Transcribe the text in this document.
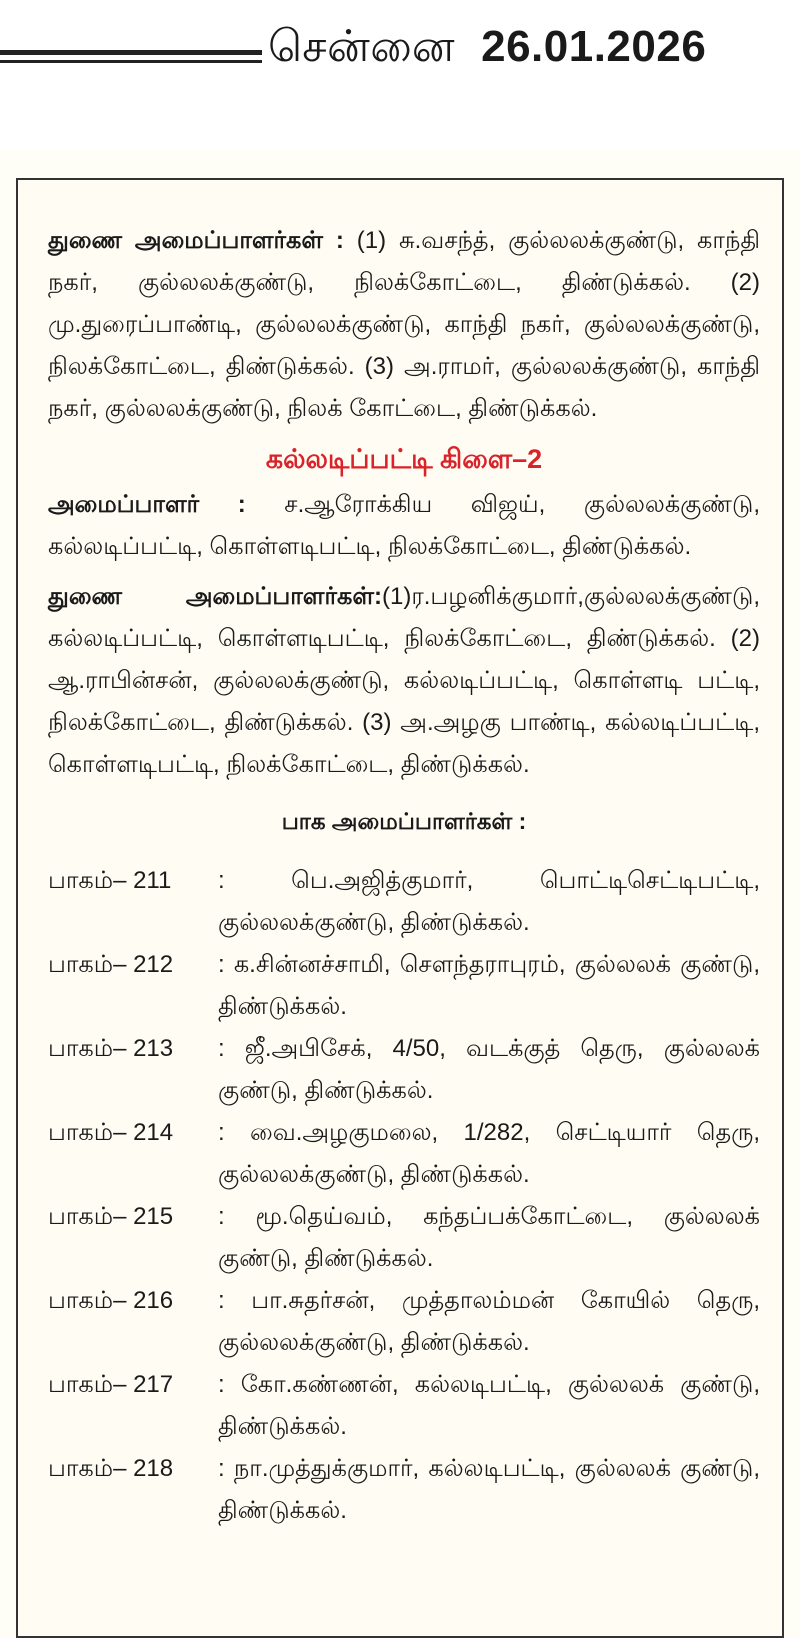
சென்னை 26.01.2026

துணை அமைப்பாளர்கள் : (1) சு.வசந்த், குல்லலக்குண்டு, காந்தி நகர், குல்லலக்குண்டு, நிலக்கோட்டை, திண்டுக்கல். (2) மு.துரைப்பாண்டி, குல்லலக்குண்டு, காந்தி நகர், குல்லலக்குண்டு, நிலக்கோட்டை, திண்டுக்கல். (3) அ.ராமர், குல்லலக்குண்டு, காந்தி நகர், குல்லலக்குண்டு, நிலக் கோட்டை, திண்டுக்கல்.

கல்லடிப்பட்டி கிளை–2

அமைப்பாளர் : ச.ஆரோக்கிய விஜய், குல்லலக்குண்டு, கல்லடிப்பட்டி, கொள்ளடிபட்டி, நிலக்கோட்டை, திண்டுக்கல்.

துணை அமைப்பாளர்கள்:(1)ர.பழனிக்குமார்,குல்லலக்குண்டு, கல்லடிப்பட்டி, கொள்ளடிபட்டி, நிலக்கோட்டை, திண்டுக்கல். (2) ஆ.ராபின்சன், குல்லலக்குண்டு, கல்லடிப்பட்டி, கொள்ளடி பட்டி, நிலக்கோட்டை, திண்டுக்கல். (3) அ.அழகு பாண்டி, கல்லடிப்பட்டி, கொள்ளடிபட்டி, நிலக்கோட்டை, திண்டுக்கல்.

பாக அமைப்பாளர்கள் :
பாகம்– 211	: பெ.அஜித்குமார், பொட்டிசெட்டிபட்டி, குல்லலக்குண்டு, திண்டுக்கல்.
பாகம்– 212	: க.சின்னச்சாமி, சௌந்தராபுரம், குல்லலக் குண்டு, திண்டுக்கல்.
பாகம்– 213	: ஜீ.அபிசேக், 4/50, வடக்குத் தெரு, குல்லலக் குண்டு, திண்டுக்கல்.
பாகம்– 214	: வை.அழகுமலை, 1/282, செட்டியார் தெரு, குல்லலக்குண்டு, திண்டுக்கல்.
பாகம்– 215	: மூ.தெய்வம், கந்தப்பக்கோட்டை, குல்லலக் குண்டு, திண்டுக்கல்.
பாகம்– 216	: பா.சுதர்சன், முத்தாலம்மன் கோயில் தெரு, குல்லலக்குண்டு, திண்டுக்கல்.
பாகம்– 217	: கோ.கண்ணன், கல்லடிபட்டி, குல்லலக் குண்டு, திண்டுக்கல்.
பாகம்– 218	: நா.முத்துக்குமார், கல்லடிபட்டி, குல்லலக் குண்டு, திண்டுக்கல்.
